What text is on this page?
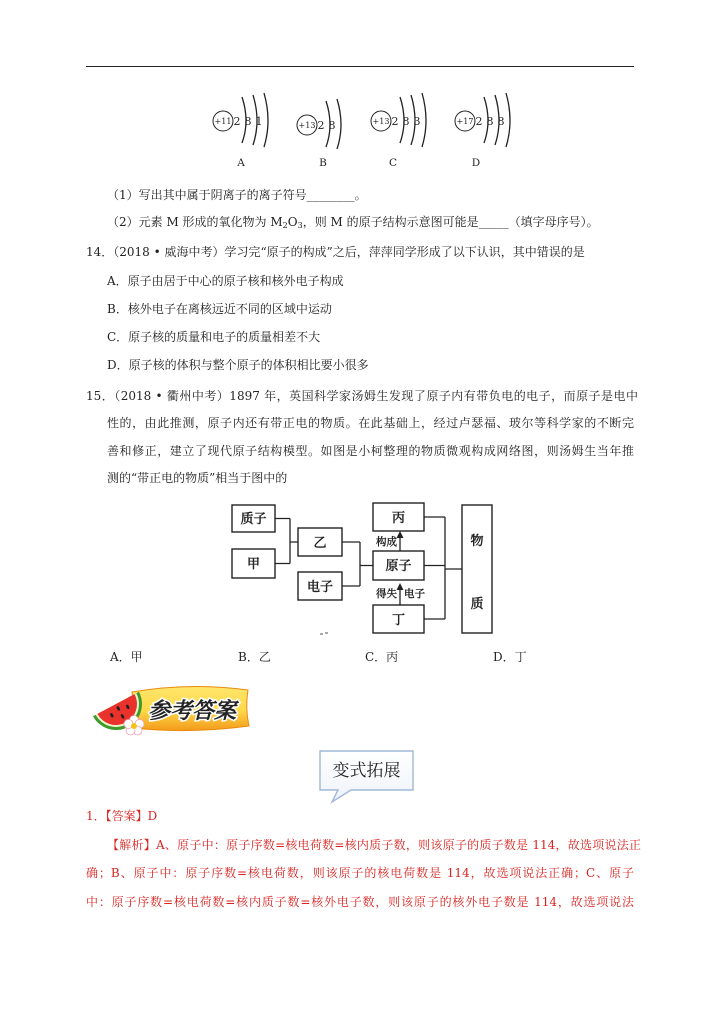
+11 2 8 1
A
+13 2 8
B
+13 2 8 3
C
+17 2 8 8
D
（1）写出其中属于阴离子的离子符号________。
（2）元素 M 形成的氧化物为 $M_2O_3$，则 M 的原子结构示意图可能是_____（填字母序号）。
14．（2018 • 威海中考）学习完“原子的构成”之后，萍萍同学形成了以下认识，其中错误的是
A．原子由居于中心的原子核和核外电子构成
B．核外电子在离核远近不同的区域中运动
C．原子核的质量和电子的质量相差不大
D．原子核的体积与整个原子的体积相比要小很多
15．（2018 • 衢州中考）1897 年，英国科学家汤姆生发现了原子内有带负电的电子，而原子是电中
性的，由此推测，原子内还有带正电的物质。在此基础上，经过卢瑟福、玻尔等科学家的不断完
善和修正，建立了现代原子结构模型。如图是小柯整理的物质微观构成网络图，则汤姆生当年推
测的“带正电的物质”相当于图中的
质子
甲
乙
电子
丙
原子
丁
物
质
构成
得失 电子
A．甲	B．乙	C．丙	D．丁
参考答案
变式拓展
1．【答案】D
【解析】A、原子中：原子序数=核电荷数=核内质子数，则该原子的质子数是 114，故选项说法正
确；B、原子中：原子序数=核电荷数，则该原子的核电荷数是 114，故选项说法正确；C、原子
中：原子序数=核电荷数=核内质子数=核外电子数，则该原子的核外电子数是 114，故选项说法
